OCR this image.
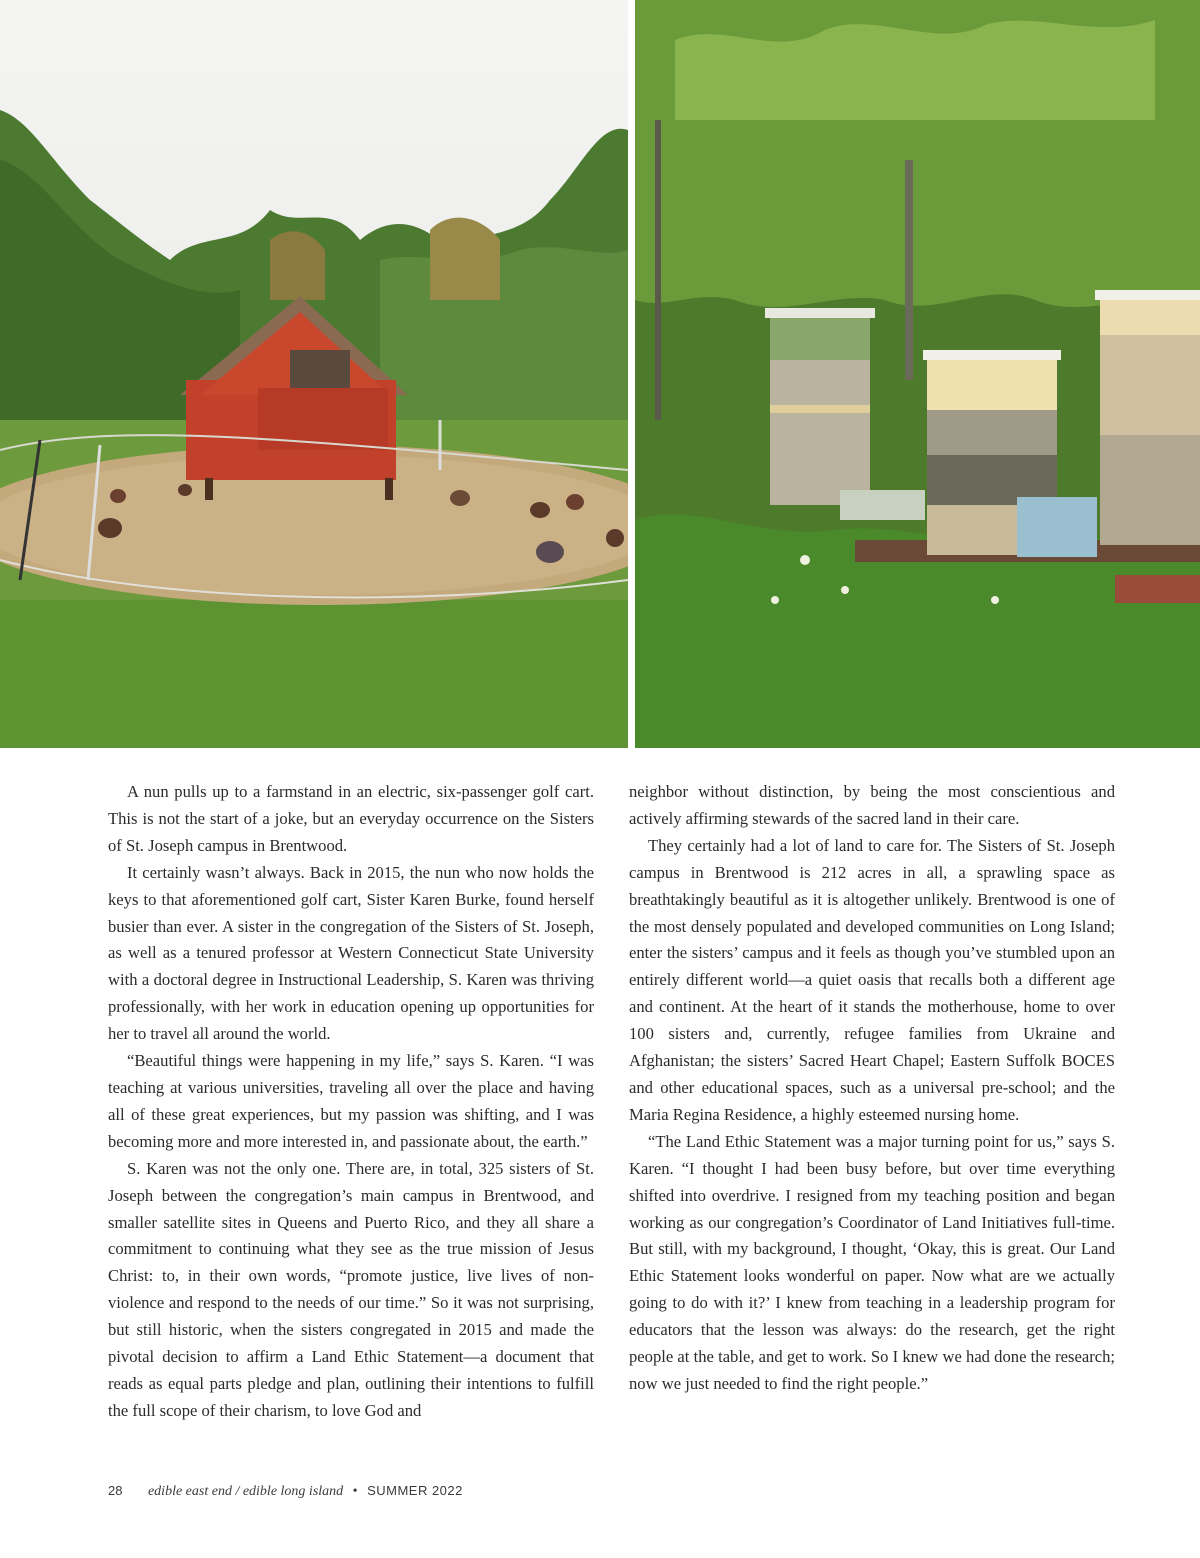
A nun pulls up to a farmstand in an electric, six-passenger golf cart. This is not the start of a joke, but an everyday occurrence on the Sisters of St. Joseph campus in Brentwood.

It certainly wasn’t always. Back in 2015, the nun who now holds the keys to that aforementioned golf cart, Sister Karen Burke, found herself busier than ever. A sister in the congregation of the Sisters of St. Joseph, as well as a tenured professor at Western Connecticut State University with a doctoral degree in Instructional Leadership, S. Karen was thriving professionally, with her work in education opening up opportunities for her to travel all around the world.

“Beautiful things were happening in my life,” says S. Karen. “I was teaching at various universities, traveling all over the place and having all of these great experiences, but my passion was shifting, and I was becoming more and more interested in, and passionate about, the earth.”

S. Karen was not the only one. There are, in total, 325 sisters of St. Joseph between the congregation’s main campus in Brentwood, and smaller satellite sites in Queens and Puerto Rico, and they all share a commitment to continuing what they see as the true mission of Jesus Christ: to, in their own words, “promote justice, live lives of non-violence and respond to the needs of our time.” So it was not surprising, but still historic, when the sisters congregated in 2015 and made the pivotal decision to affirm a Land Ethic Statement—a document that reads as equal parts pledge and plan, outlining their intentions to fulfill the full scope of their charism, to love God and

neighbor without distinction, by being the most conscientious and actively affirming stewards of the sacred land in their care.

They certainly had a lot of land to care for. The Sisters of St. Joseph campus in Brentwood is 212 acres in all, a sprawling space as breathtakingly beautiful as it is altogether unlikely. Brentwood is one of the most densely populated and developed communities on Long Island; enter the sisters’ campus and it feels as though you’ve stumbled upon an entirely different world—a quiet oasis that recalls both a different age and continent. At the heart of it stands the motherhouse, home to over 100 sisters and, currently, refugee families from Ukraine and Afghanistan; the sisters’ Sacred Heart Chapel; Eastern Suffolk BOCES and other educational spaces, such as a universal pre-school; and the Maria Regina Residence, a highly esteemed nursing home.

“The Land Ethic Statement was a major turning point for us,” says S. Karen. “I thought I had been busy before, but over time everything shifted into overdrive. I resigned from my teaching position and began working as our congregation’s Coordinator of Land Initiatives full-time. But still, with my background, I thought, ‘Okay, this is great. Our Land Ethic Statement looks wonderful on paper. Now what are we actually going to do with it?’ I knew from teaching in a leadership program for educators that the lesson was always: do the research, get the right people at the table, and get to work. So I knew we had done the research; now we just needed to find the right people.”

28 edible east end / edible long island • SUMMER 2022
